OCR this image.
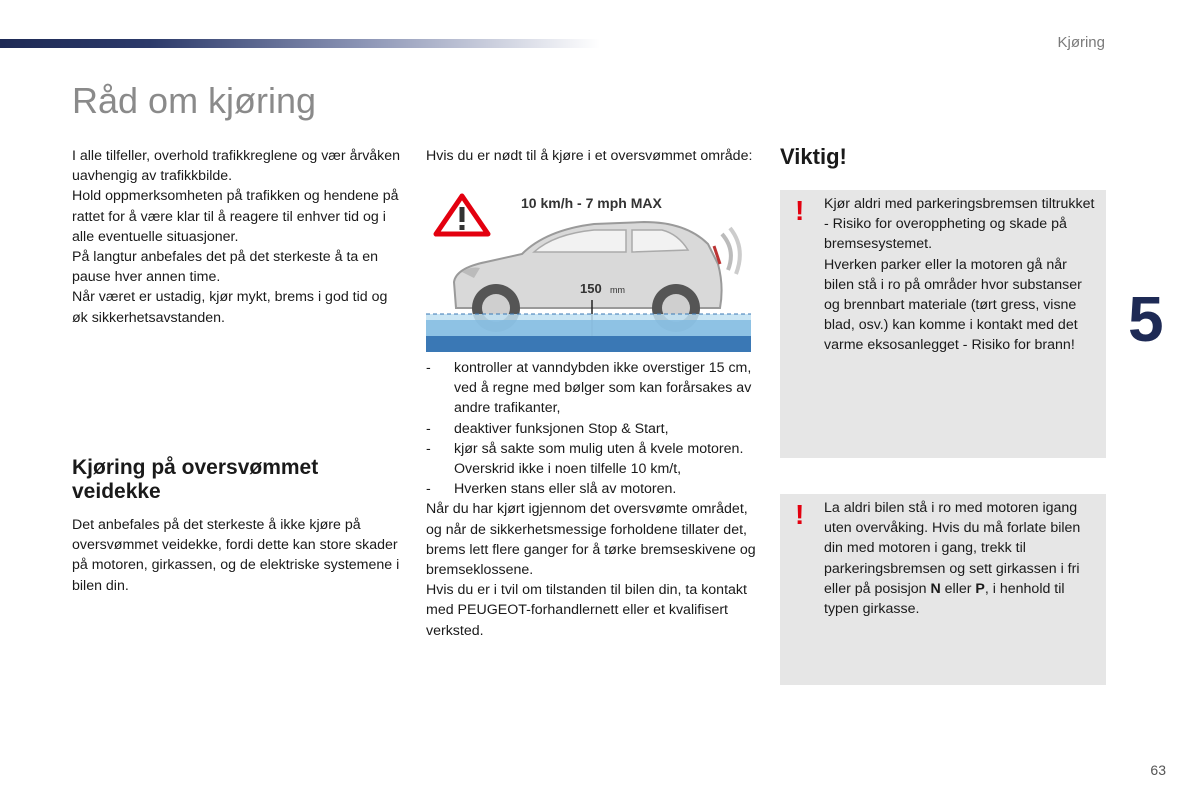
Kjøring
Råd om kjøring

I alle tilfeller, overhold trafikkreglene og vær årvåken uavhengig av trafikkbilde.

Hold oppmerksomheten på trafikken og hendene på rattet for å være klar til å reagere til enhver tid og i alle eventuelle situasjoner.

På langtur anbefales det på det sterkeste å ta en pause hver annen time.

Når været er ustadig, kjør mykt, brems i god tid og øk sikkerhetsavstanden.

Kjøring på oversvømmet veidekke

Det anbefales på det sterkeste å ikke kjøre på oversvømmet veidekke, fordi dette kan store skader på motoren, girkassen, og de elektriske systemene i bilen din.

Hvis du er nødt til å kjøre i et oversvømmet område:

10 km/h - 7 mph MAX
150 mm
-	kontroller at vanndybden ikke overstiger 15 cm, ved å regne med bølger som kan forårsakes av andre trafikanter,
-	deaktiver funksjonen Stop & Start,
-	kjør så sakte som mulig uten å kvele motoren. Overskrid ikke i noen tilfelle 10 km/t,
-	Hverken stans eller slå av motoren.

Når du har kjørt igjennom det oversvømte området, og når de sikkerhetsmessige forholdene tillater det, brems lett flere ganger for å tørke bremseskivene og bremseklossene.

Hvis du er i tvil om tilstanden til bilen din, ta kontakt med PEUGEOT-forhandlernett eller et kvalifisert verksted.

Viktig!
! Kjør aldri med parkeringsbremsen tiltrukket - Risiko for overoppheting og skade på bremsesystemet.

Hverken parker eller la motoren gå når bilen stå i ro på områder hvor substanser og brennbart materiale (tørt gress, visne blad, osv.) kan komme i kontakt med det varme eksosanlegget - Risiko for brann!

! La aldri bilen stå i ro med motoren igang uten overvåking. Hvis du må forlate bilen din med motoren i gang, trekk til parkeringsbremsen og sett girkassen i fri eller på posisjon N eller P, i henhold til typen girkasse.

5
63
